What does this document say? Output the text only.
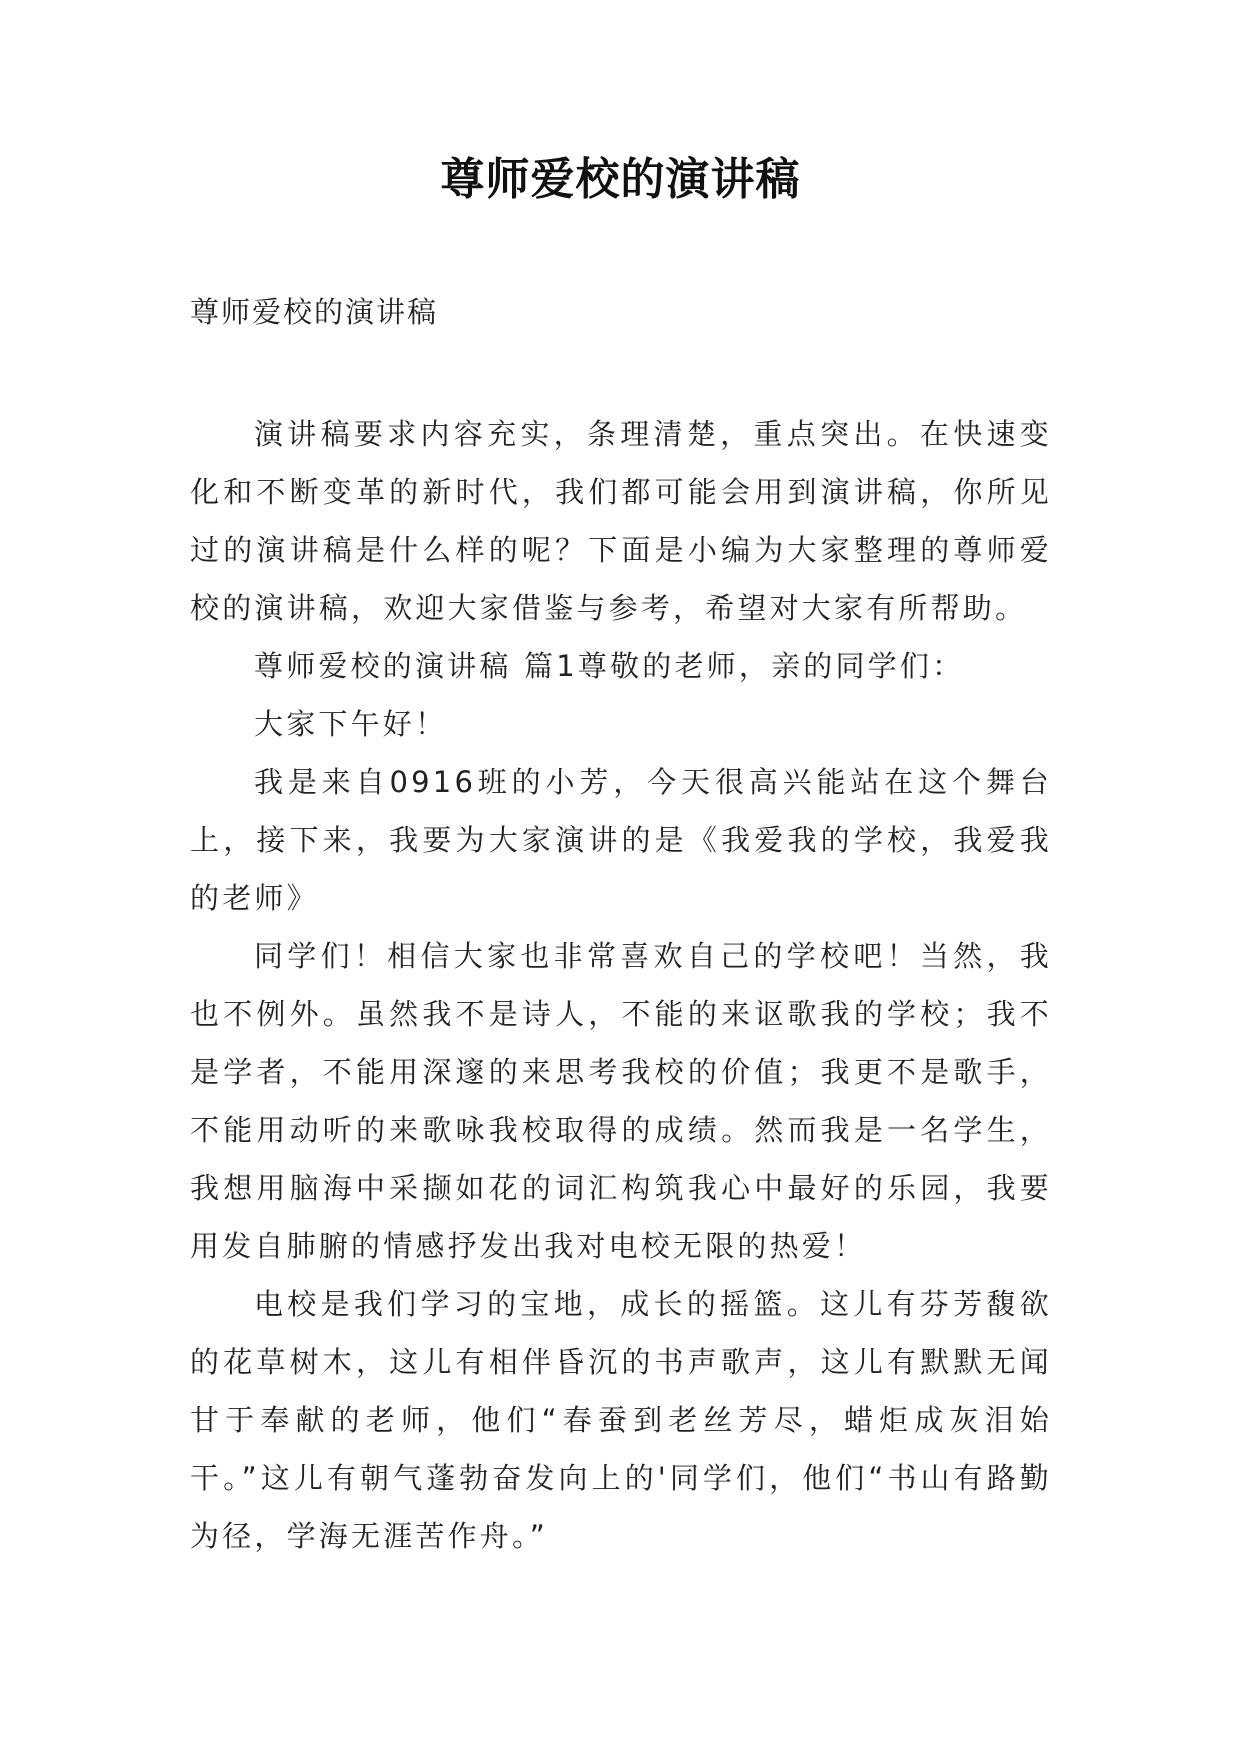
尊师爱校的演讲稿
尊师爱校的演讲稿

演讲稿要求内容充实，条理清楚，重点突出。在快速变化和不断变革的新时代，我们都可能会用到演讲稿，你所见过的演讲稿是什么样的呢？下面是小编为大家整理的尊师爱校的演讲稿，欢迎大家借鉴与参考，希望对大家有所帮助。

尊师爱校的演讲稿 篇1尊敬的老师，亲的同学们：

大家下午好！

我是来自0916班的小芳，今天很高兴能站在这个舞台上，接下来，我要为大家演讲的是《我爱我的学校，我爱我的老师》

同学们！相信大家也非常喜欢自己的学校吧！当然，我也不例外。虽然我不是诗人，不能的来讴歌我的学校；我不是学者，不能用深邃的来思考我校的价值；我更不是歌手，不能用动听的来歌咏我校取得的成绩。然而我是一名学生，我想用脑海中采撷如花的词汇构筑我心中最好的乐园，我要用发自肺腑的情感抒发出我对电校无限的热爱！

电校是我们学习的宝地，成长的摇篮。这儿有芬芳馥欲的花草树木，这儿有相伴昏沉的书声歌声，这儿有默默无闻甘于奉献的老师，他们“春蚕到老丝芳尽，蜡炬成灰泪始干。”这儿有朝气蓬勃奋发向上的'同学们，他们“书山有路勤为径，学海无涯苦作舟。”
